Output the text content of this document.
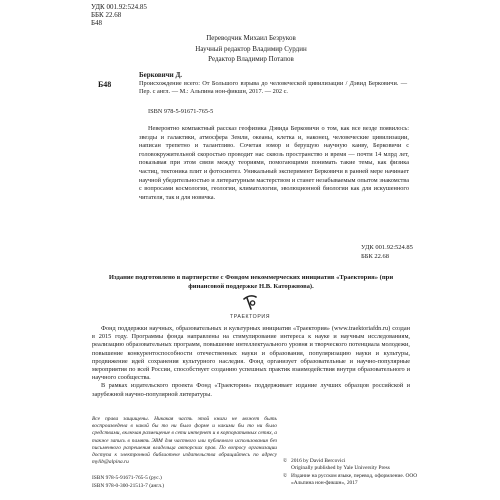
УДК 001.92:524.85
ББК 22.68
Б48
Переводчик Михаил Безруков
Научный редактор Владимир Сурдин
Редактор Владимир Потапов
Б48
Берковичи Д.
Происхождение всего: От Большого взрыва до человеческой цивилизации / Дэвид Берковичи. — Пер. с англ. — М.: Альпина нон-фикшн, 2017. — 202 с.
ISBN 978-5-91671-765-5

Невероятно компактный рассказ геофизика Дэвида Берковичи о том, как все везде появилось: звезды и галактики, атмосфера Земли, океаны, клетка и, наконец, человеческие цивилизации, написан трепетно и талантливо. Сочетая юмор и берущую научную канву, Берковичи с головокружительной скоростью проводит нас сквозь пространство и время — почти 14 млрд лет, показывая при этом связи между теориями, помогающими понимать такие темы, как физика частиц, тектоника плит и фотосинтез. Уникальный эксперимент Берковичи в ранней мере начинает научной убедительностью и литературным мастерством и станет незабываемым опытом знакомства с вопросами космологии, геологии, климатологии, эволюционной биологии как для искушенного читателя, так и для новичка.

УДК 001.92:524.85
ББК 22.68
Издание подготовлено в партнерстве с Фондом некоммерческих инициатив «Траектория» (при финансовой поддержке Н.В. Каторжнова).
ТРАЕКТОРИЯ

Фонд поддержки научных, образовательных и культурных инициатив «Траектория» (www.traektoriafdn.ru) создан в 2015 году. Программы фонда направлены на стимулирование интереса к науке и научным исследованиям, реализацию образовательных программ, повышение интеллектуального уровня и творческого потенциала молодежи, повышение конкурентоспособности отечественных науки и образования, популяризацию науки и культуры, продвижение идей сохранения культурного наследия. Фонд организует образовательные и научно-популярные мероприятия по всей России, способствует созданию успешных практик взаимодействия внутри образовательного и научного сообщества.

В рамках издательского проекта Фонд «Траектория» поддерживает издание лучших образцов российской и зарубежной научно-популярной литературы.

Все права защищены. Никакая часть этой книги не может быть воспроизведена в какой бы то ни было форме и какими бы то ни было средствами, включая размещение в сети интернет и в корпоративных сетях, а также запись в память ЭВМ для частного или публичного использования без письменного разрешения владельца авторских прав. По вопросу организации доступа к электронной библиотеке издательства обращайтесь по адресу mylib@alpina.ru
ISBN 978-5-91671-765-5 (рус.)
ISBN 978-0-300-21513-7 (англ.)
© 2016 by David Bercovici
Originally published by Yale University Press
© Издание на русском языке, перевод, оформление. ООО «Альпина нон-фикшн», 2017
